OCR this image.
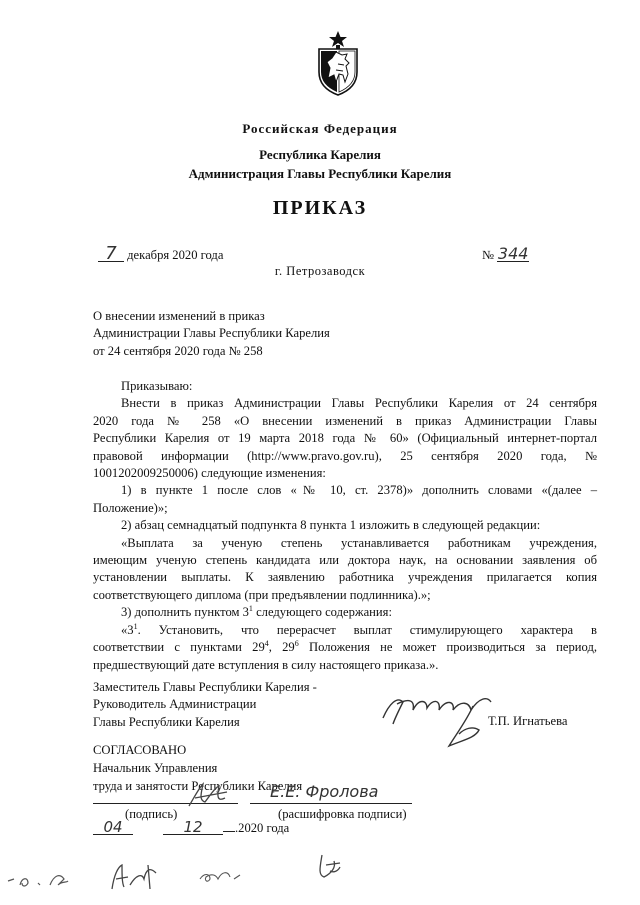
Российская Федерация
Республика Карелия
Администрация Главы Республики Карелия
ПРИКАЗ
7 декабря 2020 года	№ 344
г. Петрозаводск
О внесении изменений в приказ
Администрации Главы Республики Карелия
от 24 сентября 2020 года № 258
Приказываю:
Внести в приказ Администрации Главы Республики Карелия от 24 сентября
2020 года № 258 «О внесении изменений в приказ Администрации Главы
Республики Карелия от 19 марта 2018 года № 60» (Официальный интернет-портал
правовой информации (http://www.pravo.gov.ru), 25 сентября 2020 года, №
1001202009250006) следующие изменения:
1) в пункте 1 после слов «№ 10, ст. 2378)» дополнить словами «(далее –
Положение)»;
2) абзац семнадцатый подпункта 8 пункта 1 изложить в следующей редакции:
«Выплата за ученую степень устанавливается работникам учреждения,
имеющим ученую степень кандидата или доктора наук, на основании заявления об
установлении выплаты. К заявлению работника учреждения прилагается копия
соответствующего диплома (при предъявлении подлинника).»;
3) дополнить пунктом $3^1$ следующего содержания:
«$3^1$. Установить, что перерасчет выплат стимулирующего характера в
соответствии с пунктами $29^4$, $29^6$ Положения не может производиться за период,
предшествующий дате вступления в силу настоящего приказа.».
Заместитель Главы Республики Карелия -
Руководитель Администрации
Главы Республики Карелия	Т.П. Игнатьева
СОГЛАСОВАНО
Начальник Управления
труда и занятости Республики Карелия
Е.Е. Фролова
(подпись)	(расшифровка подписи)
04	12	.2020 года
